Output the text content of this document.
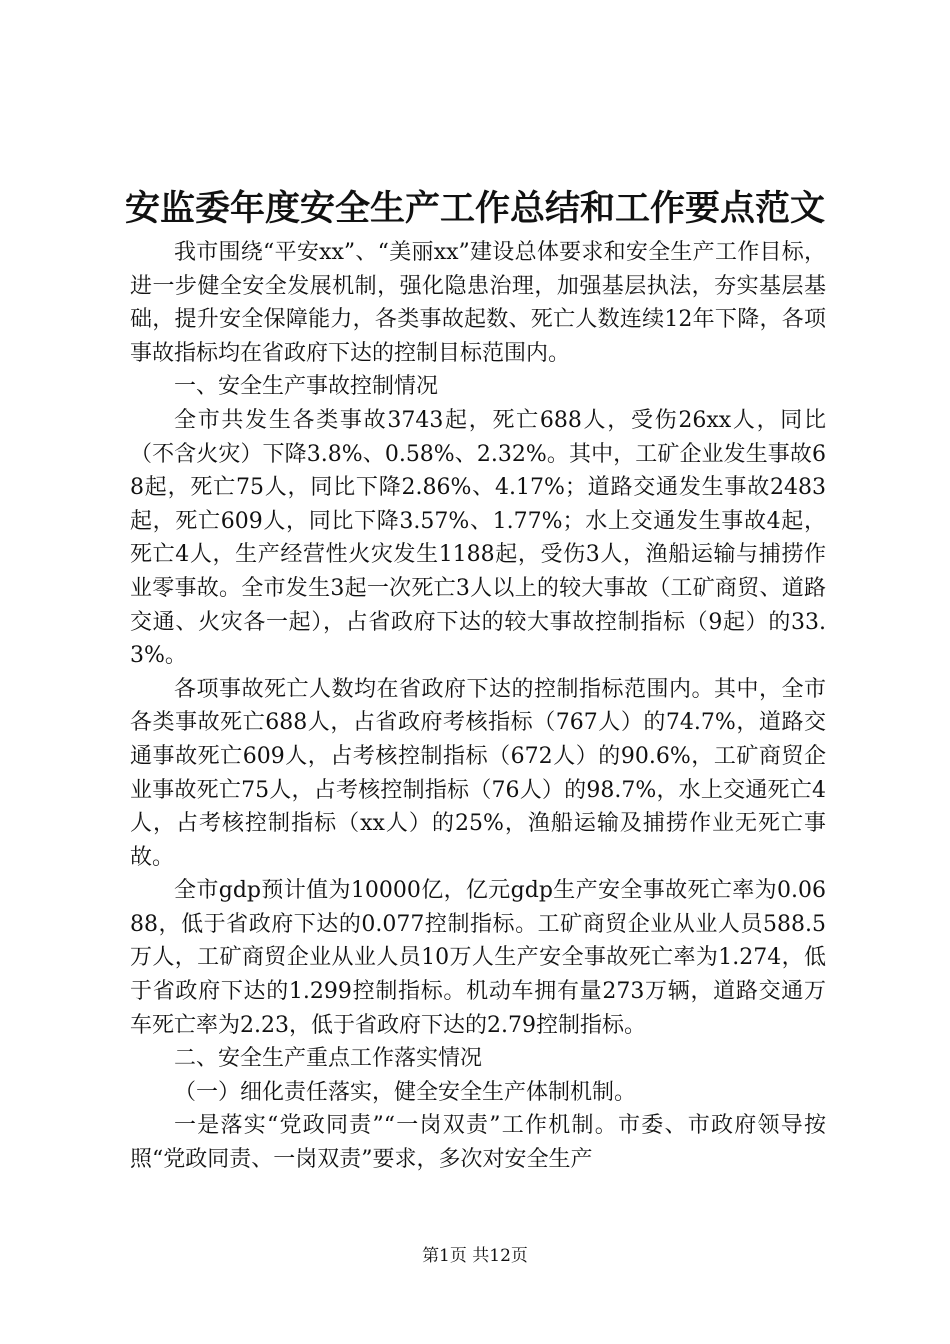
安监委年度安全生产工作总结和工作要点范文

我市围绕“平安xx”、“美丽xx”建设总体要求和安全生产工作目标，进一步健全安全发展机制，强化隐患治理，加强基层执法，夯实基层基础，提升安全保障能力，各类事故起数、死亡人数连续12年下降，各项事故指标均在省政府下达的控制目标范围内。

一、安全生产事故控制情况

全市共发生各类事故3743起，死亡688人，受伤26xx人，同比（不含火灾）下降3.8%、0.58%、2.32%。其中，工矿企业发生事故68起，死亡75人，同比下降2.86%、4.17%；道路交通发生事故2483起，死亡609人，同比下降3.57%、1.77%；水上交通发生事故4起，死亡4人，生产经营性火灾发生1188起，受伤3人，渔船运输与捕捞作业零事故。全市发生3起一次死亡3人以上的较大事故（工矿商贸、道路交通、火灾各一起），占省政府下达的较大事故控制指标（9起）的33.3%。

各项事故死亡人数均在省政府下达的控制指标范围内。其中，全市各类事故死亡688人，占省政府考核指标（767人）的74.7%，道路交通事故死亡609人，占考核控制指标（672人）的90.6%，工矿商贸企业事故死亡75人，占考核控制指标（76人）的98.7%，水上交通死亡4人，占考核控制指标（xx人）的25%，渔船运输及捕捞作业无死亡事故。

全市gdp预计值为10000亿，亿元gdp生产安全事故死亡率为0.0688，低于省政府下达的0.077控制指标。工矿商贸企业从业人员588.5万人，工矿商贸企业从业人员10万人生产安全事故死亡率为1.274，低于省政府下达的1.299控制指标。机动车拥有量273万辆，道路交通万车死亡率为2.23，低于省政府下达的2.79控制指标。

二、安全生产重点工作落实情况

（一）细化责任落实，健全安全生产体制机制。

一是落实“党政同责”“一岗双责”工作机制。市委、市政府领导按照“党政同责、一岗双责”要求，多次对安全生产

第1页 共12页
